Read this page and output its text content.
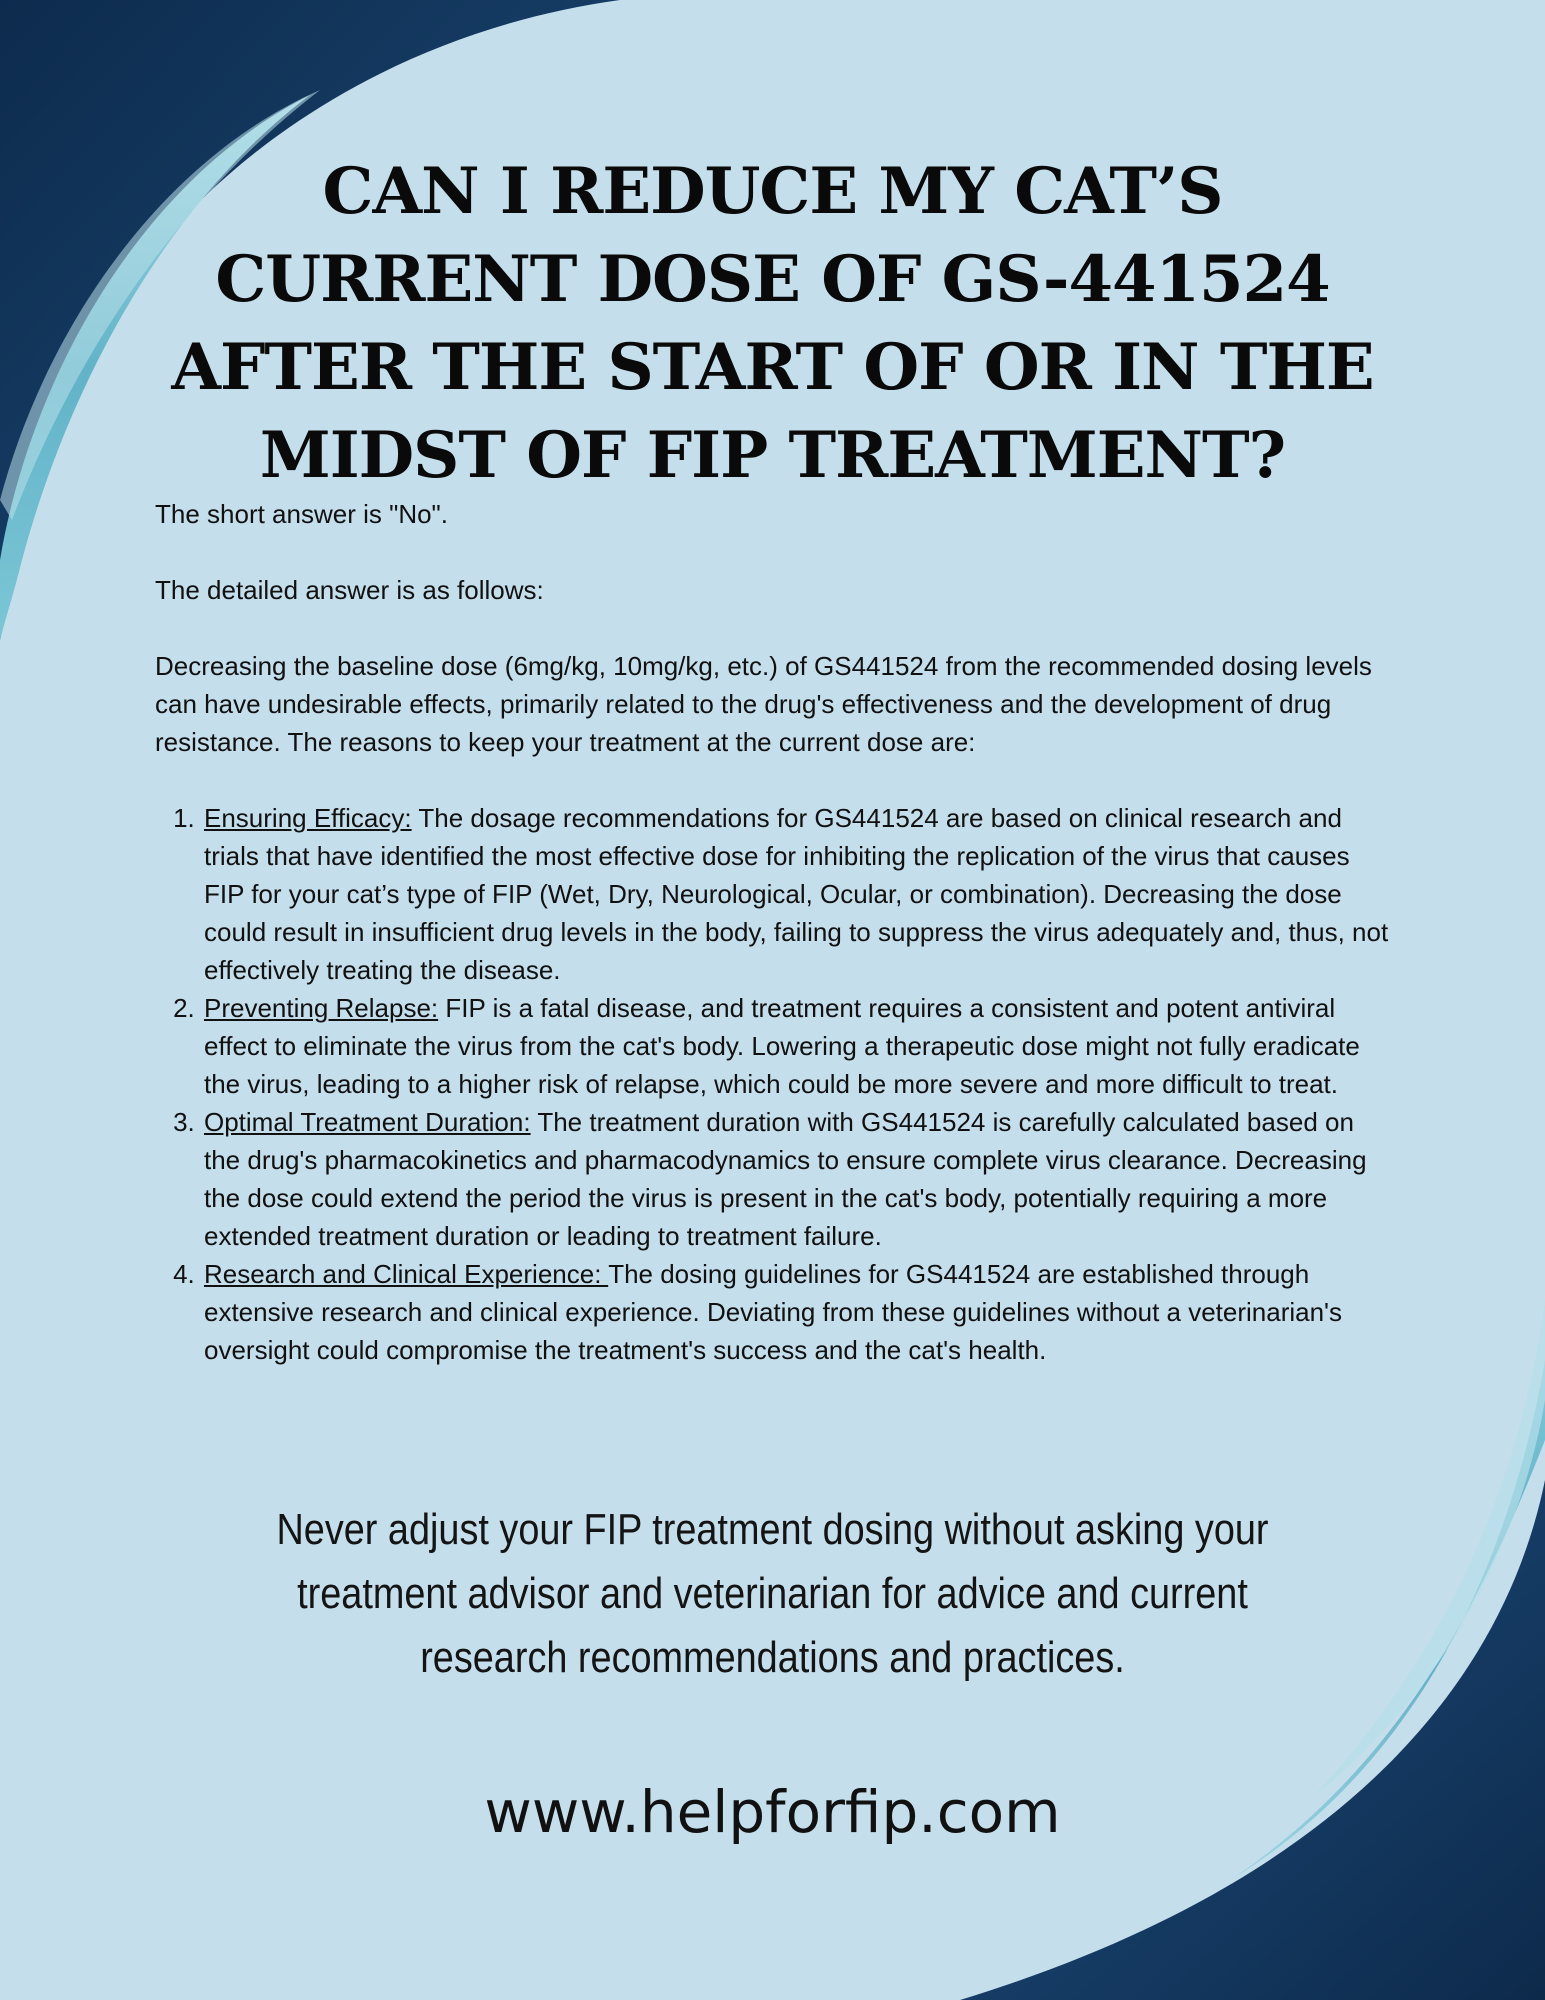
CAN I REDUCE MY CAT’S CURRENT DOSE OF GS-441524 AFTER THE START OF OR IN THE MIDST OF FIP TREATMENT?

The short answer is "No".

The detailed answer is as follows:

Decreasing the baseline dose (6mg/kg, 10mg/kg, etc.) of GS441524 from the recommended dosing levels can have undesirable effects, primarily related to the drug's effectiveness and the development of drug resistance. The reasons to keep your treatment at the current dose are:

1. Ensuring Efficacy: The dosage recommendations for GS441524 are based on clinical research and trials that have identified the most effective dose for inhibiting the replication of the virus that causes FIP for your cat’s type of FIP (Wet, Dry, Neurological, Ocular, or combination). Decreasing the dose could result in insufficient drug levels in the body, failing to suppress the virus adequately and, thus, not effectively treating the disease.
2. Preventing Relapse: FIP is a fatal disease, and treatment requires a consistent and potent antiviral effect to eliminate the virus from the cat's body. Lowering a therapeutic dose might not fully eradicate the virus, leading to a higher risk of relapse, which could be more severe and more difficult to treat.
3. Optimal Treatment Duration: The treatment duration with GS441524 is carefully calculated based on the drug's pharmacokinetics and pharmacodynamics to ensure complete virus clearance. Decreasing the dose could extend the period the virus is present in the cat's body, potentially requiring a more extended treatment duration or leading to treatment failure.
4. Research and Clinical Experience: The dosing guidelines for GS441524 are established through extensive research and clinical experience. Deviating from these guidelines without a veterinarian's oversight could compromise the treatment's success and the cat's health.

Never adjust your FIP treatment dosing without asking your treatment advisor and veterinarian for advice and current research recommendations and practices.

www.helpforfip.com
